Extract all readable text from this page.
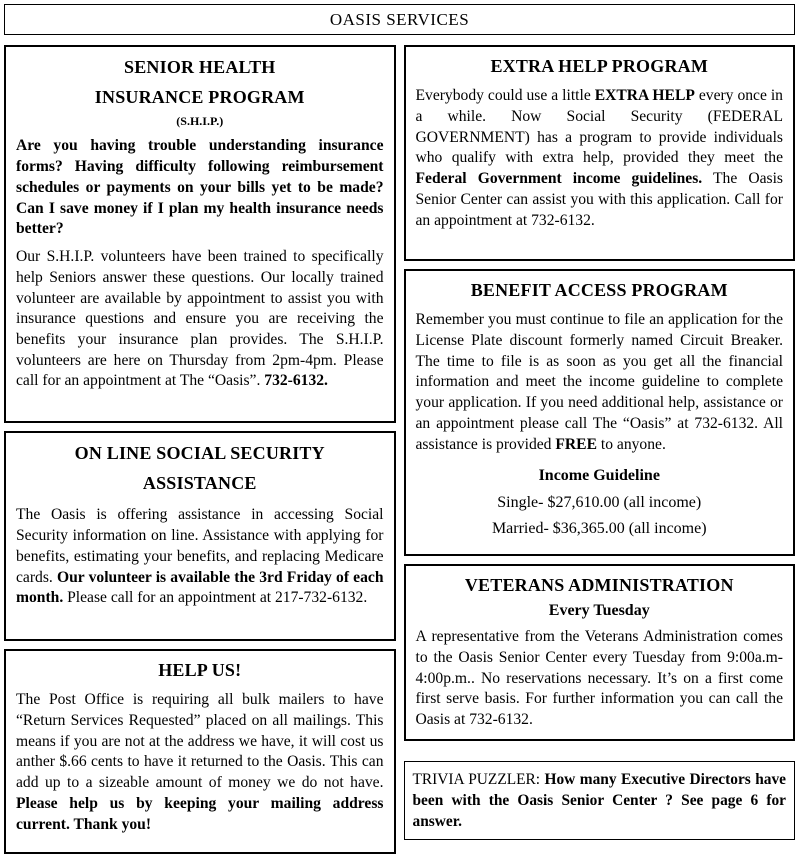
OASIS SERVICES
SENIOR HEALTH
INSURANCE PROGRAM
(S.H.I.P.)

Are you having trouble understanding insurance forms? Having difficulty following reimbursement schedules or payments on your bills yet to be made? Can I save money if I plan my health insurance needs better?

Our S.H.I.P. volunteers have been trained to specifically help Seniors answer these questions. Our locally trained volunteer are available by appointment to assist you with insurance questions and ensure you are receiving the benefits your insurance plan provides. The S.H.I.P. volunteers are here on Thursday from 2pm-4pm. Please call for an appointment at The “Oasis”. 732-6132.

ON LINE SOCIAL SECURITY
ASSISTANCE

The Oasis is offering assistance in accessing Social Security information on line. Assistance with applying for benefits, estimating your benefits, and replacing Medicare cards. Our volunteer is available the 3rd Friday of each month. Please call for an appointment at 217-732-6132.

HELP US!

The Post Office is requiring all bulk mailers to have “Return Services Requested” placed on all mailings. This means if you are not at the address we have, it will cost us anther $.66 cents to have it returned to the Oasis. This can add up to a sizeable amount of money we do not have. Please help us by keeping your mailing address current. Thank you!

EXTRA HELP PROGRAM

Everybody could use a little EXTRA HELP every once in a while. Now Social Security (FEDERAL GOVERNMENT) has a program to provide individuals who qualify with extra help, provided they meet the Federal Government income guidelines. The Oasis Senior Center can assist you with this application. Call for an appointment at 732-6132.

BENEFIT ACCESS PROGRAM

Remember you must continue to file an application for the License Plate discount formerly named Circuit Breaker. The time to file is as soon as you get all the financial information and meet the income guideline to complete your application. If you need additional help, assistance or an appointment please call The “Oasis” at 732-6132. All assistance is provided FREE to anyone.

Income Guideline
Single- $27,610.00 (all income)
Married- $36,365.00 (all income)
VETERANS ADMINISTRATION
Every Tuesday

A representative from the Veterans Administration comes to the Oasis Senior Center every Tuesday from 9:00a.m-4:00p.m.. No reservations necessary. It’s on a first come first serve basis. For further information you can call the Oasis at 732-6132.

TRIVIA PUZZLER: How many Executive Directors have been with the Oasis Senior Center ? See page 6 for answer.
